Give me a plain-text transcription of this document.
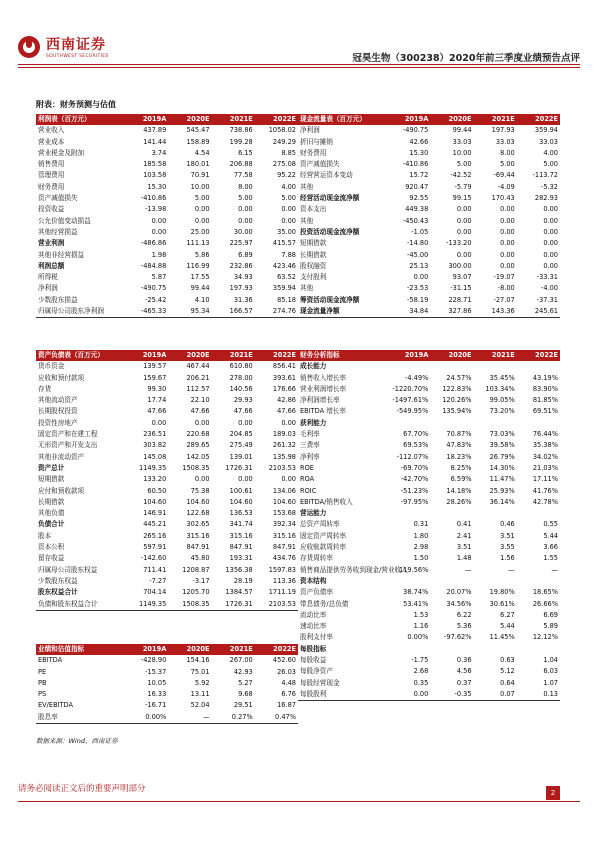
西南证券
SOUTHWEST SECURITIES	冠昊生物（300238）2020年前三季度业绩预告点评
附表：财务预测与估值
利润表（百万元）	2019A	2020E	2021E	2022E
营业收入	437.89	545.47	738.86	1058.02
营业成本	141.44	158.89	199.28	249.29
营业税金及附加	3.74	4.54	6.15	8.85
销售费用	185.58	180.01	206.88	275.08
管理费用	103.58	70.91	77.58	95.22
财务费用	15.30	10.00	8.00	4.00
资产减值损失	-410.86	5.00	5.00	5.00
投资收益	-13.98	0.00	0.00	0.00
公允价值变动损益	0.00	0.00	0.00	0.00
其他经营损益	0.00	25.00	30.00	35.00
营业利润	-486.86	111.13	225.97	415.57
其他非经营损益	1.98	5.86	6.89	7.88
利润总额	-484.88	116.99	232.86	423.46
所得税	5.87	17.55	34.93	63.52
净利润	-490.75	99.44	197.93	359.94
少数股东损益	-25.42	4.10	31.36	85.18
归属母公司股东净利润	-465.33	95.34	166.57	274.76
现金流量表（百万元）	2019A	2020E	2021E	2022E
净利润	-490.75	99.44	197.93	359.94
折旧与摊销	42.66	33.03	33.03	33.03
财务费用	15.30	10.00	8.00	4.00
资产减值损失	-410.86	5.00	5.00	5.00
经营营运资本变动	15.72	-42.52	-69.44	-113.72
其他	920.47	-5.79	-4.09	-5.32
经营活动现金流净额	92.55	99.15	170.43	282.93
资本支出	449.38	0.00	0.00	0.00
其他	-450.43	0.00	0.00	0.00
投资活动现金流净额	-1.05	0.00	0.00	0.00
短期借款	-14.80	-133.20	0.00	0.00
长期借款	-45.00	0.00	0.00	0.00
股权融资	25.13	300.00	0.00	0.00
支付股利	0.00	93.07	-19.07	-33.31
其他	-23.53	-31.15	-8.00	-4.00
筹资活动现金流净额	-58.19	228.71	-27.07	-37.31
现金流量净额	34.84	327.86	143.36	245.61
资产负债表（百万元）	2019A	2020E	2021E	2022E
货币资金	139.57	467.44	610.80	856.41
应收和预付款项	159.67	206.21	278.00	393.61
存货	99.30	112.57	140.56	176.66
其他流动资产	17.74	22.10	29.93	42.86
长期股权投资	47.66	47.66	47.66	47.66
投资性房地产	0.00	0.00	0.00	0.00
固定资产和在建工程	236.51	220.68	204.85	189.03
无形资产和开发支出	303.82	289.65	275.49	261.32
其他非流动资产	145.08	142.05	139.01	135.98
资产总计	1149.35	1508.35	1726.31	2103.53
短期借款	133.20	0.00	0.00	0.00
应付和预收款项	60.50	75.38	100.61	134.06
长期借款	104.60	104.60	104.60	104.60
其他负债	146.91	122.68	136.53	153.68
负债合计	445.21	302.65	341.74	392.34
股本	265.16	315.16	315.16	315.16
资本公积	597.91	847.91	847.91	847.91
留存收益	-142.60	45.80	193.31	434.76
归属母公司股东权益	711.41	1208.87	1356.38	1597.83
少数股东权益	-7.27	-3.17	28.19	113.36
股东权益合计	704.14	1205.70	1384.57	1711.19
负债和股东权益合计	1149.35	1508.35	1726.31	2103.53
财务分析指标	2019A	2020E	2021E	2022E
成长能力				
销售收入增长率	-4.49%	24.57%	35.45%	43.19%
营业利润增长率	-1220.70%	122.83%	103.34%	83.90%
净利润增长率	-1497.61%	120.26%	99.05%	81.85%
EBITDA 增长率	-549.95%	135.94%	73.20%	69.51%
获利能力				
毛利率	67.70%	70.87%	73.03%	76.44%
三费率	69.53%	47.83%	39.58%	35.38%
净利率	-112.07%	18.23%	26.79%	34.02%
ROE	-69.70%	8.25%	14.30%	21.03%
ROA	-42.70%	6.59%	11.47%	17.11%
ROIC	-51.23%	14.18%	25.93%	41.76%
EBITDA/销售收入	-97.95%	28.26%	36.14%	42.78%
营运能力				
总资产周转率	0.31	0.41	0.46	0.55
固定资产周转率	1.80	2.41	3.51	5.44
应收账款周转率	2.98	3.51	3.55	3.66
存货周转率	1.50	1.48	1.56	1.55
销售商品提供劳务收到现金/营业收入	119.56%	—	—	—
资本结构				
资产负债率	38.74%	20.07%	19.80%	18.65%
带息债务/总负债	53.41%	34.56%	30.61%	26.66%
流动比率	1.53	6.22	6.27	6.69
速动比率	1.16	5.36	5.44	5.89
股利支付率	0.00%	-97.62%	11.45%	12.12%
每股指标				
每股收益	-1.75	0.36	0.63	1.04
每股净资产	2.68	4.56	5.12	6.03
每股经营现金	0.35	0.37	0.64	1.07
每股股利	0.00	-0.35	0.07	0.13
业绩和估值指标	2019A	2020E	2021E	2022E
EBITDA	-428.90	154.16	267.00	452.60
PE	-15.37	75.01	42.93	26.03
PB	10.05	5.92	5.27	4.48
PS	16.33	13.11	9.68	6.76
EV/EBITDA	-16.71	52.04	29.51	16.87
股息率	0.00%	—	0.27%	0.47%
数据来源：Wind，西南证券
请务必阅读正文后的重要声明部分	2
